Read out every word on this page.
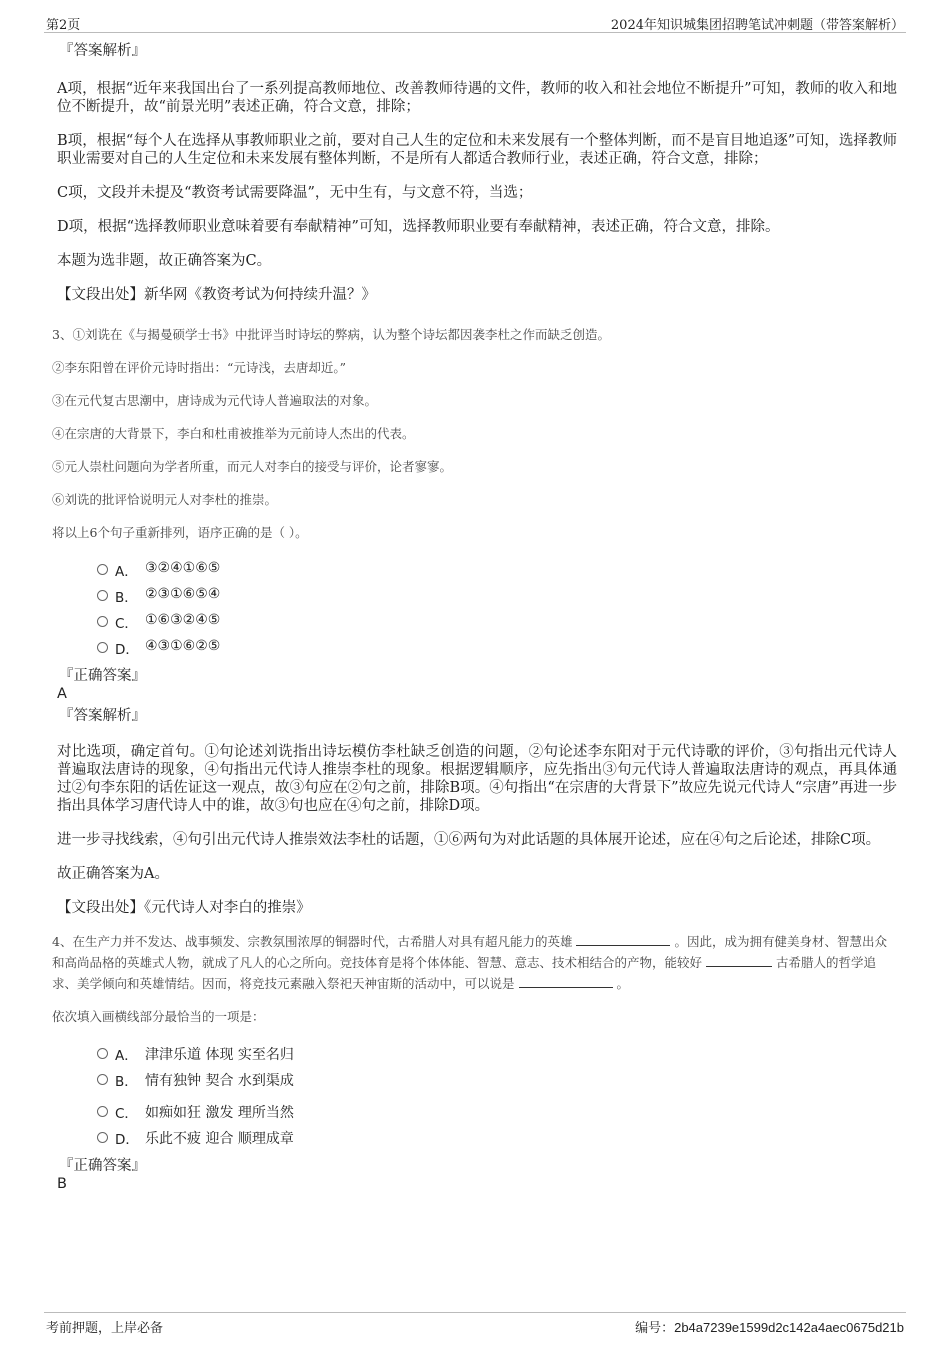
第2页	2024年知识城集团招聘笔试冲刺题（带答案解析）
『答案解析』

A项，根据“近年来我国出台了一系列提高教师地位、改善教师待遇的文件，教师的收入和社会地位不断提升”可知，教师的收入和地位不断提升，故“前景光明”表述正确，符合文意，排除；

B项，根据“每个人在选择从事教师职业之前，要对自己人生的定位和未来发展有一个整体判断，而不是盲目地追逐”可知，选择教师职业需要对自己的人生定位和未来发展有整体判断，不是所有人都适合教师行业，表述正确，符合文意，排除；

C项，文段并未提及“教资考试需要降温”，无中生有，与文意不符，当选；

D项，根据“选择教师职业意味着要有奉献精神”可知，选择教师职业要有奉献精神，表述正确，符合文意，排除。

本题为选非题，故正确答案为C。

【文段出处】新华网《教资考试为何持续升温？》

3、①刘诜在《与揭曼硕学士书》中批评当时诗坛的弊病，认为整个诗坛都因袭李杜之作而缺乏创造。
②李东阳曾在评价元诗时指出：“元诗浅，去唐却近。”
③在元代复古思潮中，唐诗成为元代诗人普遍取法的对象。
④在宗唐的大背景下，李白和杜甫被推举为元前诗人杰出的代表。
⑤元人崇杜问题向为学者所重，而元人对李白的接受与评价，论者寥寥。
⑥刘诜的批评恰说明元人对李杜的推崇。
将以上6个句子重新排列，语序正确的是（ ）。
A． ③②④①⑥⑤
B． ②③①⑥⑤④
C． ①⑥③②④⑤
D． ④③①⑥②⑤
『正确答案』
A
『答案解析』

对比选项，确定首句。①句论述刘诜指出诗坛模仿李杜缺乏创造的问题，②句论述李东阳对于元代诗歌的评价，③句指出元代诗人普遍取法唐诗的现象，④句指出元代诗人推崇李杜的现象。根据逻辑顺序，应先指出③句元代诗人普遍取法唐诗的观点，再具体通过②句李东阳的话佐证这一观点，故③句应在②句之前，排除B项。④句指出“在宗唐的大背景下”故应先说元代诗人“宗唐”再进一步指出具体学习唐代诗人中的谁，故③句也应在④句之前，排除D项。

进一步寻找线索，④句引出元代诗人推崇效法李杜的话题，①⑥两句为对此话题的具体展开论述，应在④句之后论述，排除C项。

故正确答案为A。

【文段出处】《元代诗人对李白的推崇》

4、在生产力并不发达、战事频发、宗教氛围浓厚的铜器时代，古希腊人对具有超凡能力的英雄	。因此，成为拥有健美身材、智慧出众和高尚品格的英雄式人物，就成了凡人的心之所向。竞技体育是将个体体能、智慧、意志、技术相结合的产物，能较好	古希腊人的哲学追求、美学倾向和英雄情结。因而，将竞技元素融入祭祀天神宙斯的活动中，可以说是	。
依次填入画横线部分最恰当的一项是：
A． 津津乐道 体现 实至名归
B． 情有独钟 契合 水到渠成
C． 如痴如狂 激发 理所当然
D． 乐此不疲 迎合 顺理成章
『正确答案』
B
考前押题，上岸必备	编号：2b4a7239e1599d2c142a4aec0675d21b
